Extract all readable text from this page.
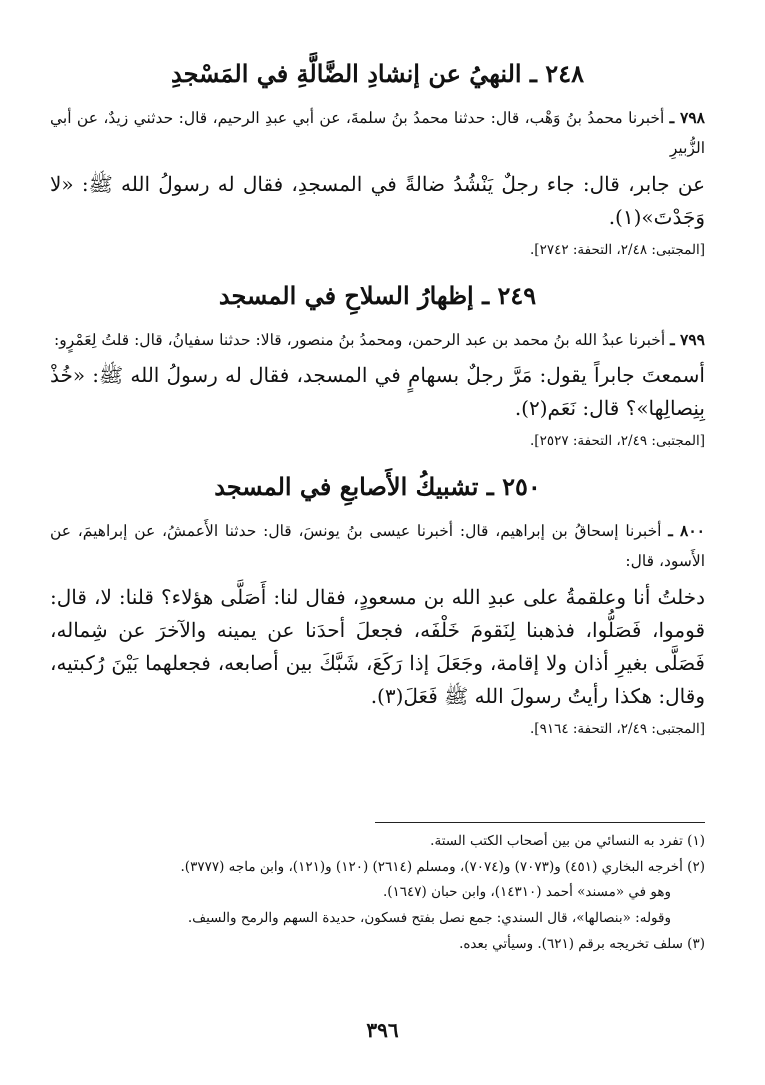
٢٤٨ ـ النهيُ عن إنشادِ الضَّالَّةِ في المَسْجدِ

٧٩٨ ـ أخبرنا محمدُ بنُ وَهْب، قال: حدثنا محمدُ بنُ سلمةَ، عن أبي عبدِ الرحيم، قال: حدثني زيدٌ، عن أبي الزُّبيرِ

عن جابر، قال: جاء رجلٌ يَنْشُدُ ضالةً في المسجدِ، فقال له رسولُ الله ﷺ: «لا وَجَدْتَ»(١).

[المجتبى: ٢/٤٨، التحفة: ٢٧٤٢].
٢٤٩ ـ إظهارُ السلاحِ في المسجد

٧٩٩ ـ أخبرنا عبدُ الله بنُ محمد بن عبد الرحمن، ومحمدُ بنُ منصور، قالا: حدثنا سفيانُ، قال: قلتُ لِعَمْرٍو:

أسمعتَ جابراً يقول: مَرَّ رجلٌ بسهامٍ في المسجد، فقال له رسولُ الله ﷺ: «خُذْ بِنِصالِها»؟ قال: نَعَم(٢).

[المجتبى: ٢/٤٩، التحفة: ٢٥٢٧].
٢٥٠ ـ تشبيكُ الأَصابعِ في المسجد

٨٠٠ ـ أخبرنا إسحاقُ بن إبراهيم، قال: أخبرنا عيسى بنُ يونسَ، قال: حدثنا الأَعمشُ، عن إبراهيمَ، عن الأَسود، قال:

دخلتُ أنا وعلقمةُ على عبدِ الله بن مسعودٍ، فقال لنا: أَصَلَّى هؤلاء؟ قلنا: لا، قال: قوموا، فَصَلُّوا، فذهبنا لِنَقومَ خَلْفَه، فجعلَ أحدَنا عن يمينه والآخرَ عن شِماله، فَصَلَّى بغيرِ أذان ولا إقامة، وجَعَلَ إذا رَكَعَ، شَبَّكَ بين أصابعه، فجعلهما بَيْنَ رُكبتيه، وقال: هكذا رأيتُ رسولَ الله ﷺ فَعَلَ(٣).

[المجتبى: ٢/٤٩، التحفة: ٩١٦٤].

(١) تفرد به النسائي من بين أصحاب الكتب الستة.

(٢) أخرجه البخاري (٤٥١) و(٧٠٧٣) و(٧٠٧٤)، ومسلم (٢٦١٤) (١٢٠) و(١٢١)، وابن ماجه (٣٧٧٧).

وهو في «مسند» أحمد (١٤٣١٠)، وابن حبان (١٦٤٧).

وقوله: «بنصالها»، قال السندي: جمع نصل بفتح فسكون، حديدة السهم والرمح والسيف.

(٣) سلف تخريجه برقم (٦٢١). وسيأتي بعده.

٣٩٦
